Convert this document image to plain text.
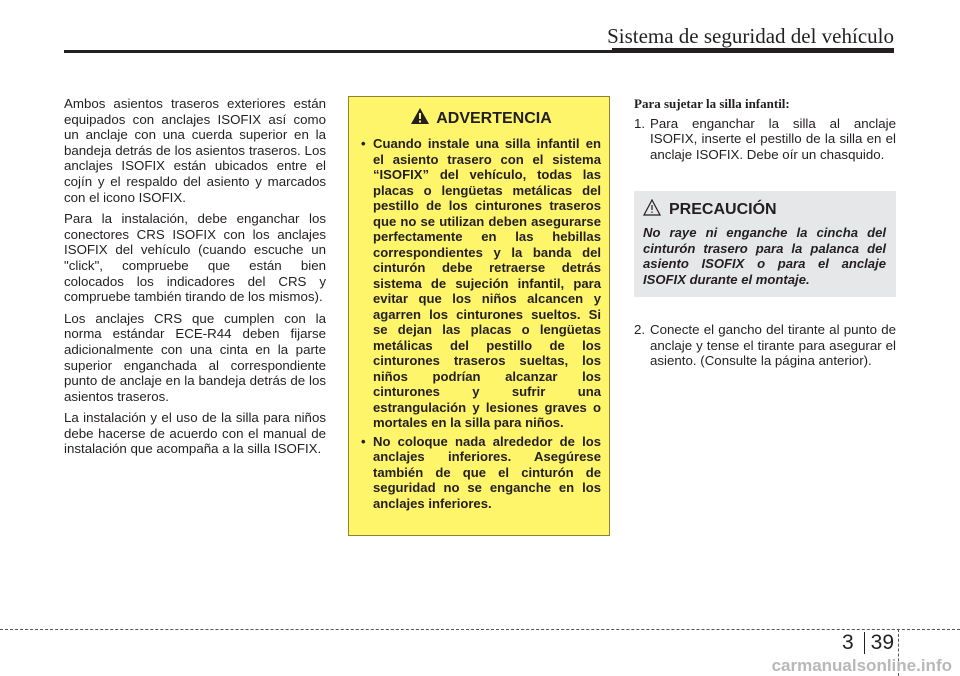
Sistema de seguridad del vehículo

Ambos asientos traseros exteriores están equipados con anclajes ISOFIX así como un anclaje con una cuerda superior en la bandeja detrás de los asientos traseros. Los anclajes ISOFIX están ubicados entre el cojín y el respaldo del asiento y marcados con el icono ISOFIX.

Para la instalación, debe enganchar los conectores CRS ISOFIX con los anclajes ISOFIX del vehículo (cuando escuche un "click", compruebe que están bien colocados los indicadores del CRS y compruebe también tirando de los mismos).

Los anclajes CRS que cumplen con la norma estándar ECE-R44 deben fijarse adicionalmente con una cinta en la parte superior enganchada al correspondiente punto de anclaje en la bandeja detrás de los asientos traseros.

La instalación y el uso de la silla para niños debe hacerse de acuerdo con el manual de instalación que acompaña a la silla ISOFIX.

ADVERTENCIA
• Cuando instale una silla infantil en el asiento trasero con el sistema “ISOFIX” del vehículo, todas las placas o lengüetas metálicas del pestillo de los cinturones traseros que no se utilizan deben asegurarse perfectamente en las hebillas correspondientes y la banda del cinturón debe retraerse detrás sistema de sujeción infantil, para evitar que los niños alcancen y agarren los cinturones sueltos. Si se dejan las placas o lengüetas metálicas del pestillo de los cinturones traseros sueltas, los niños podrían alcanzar los cinturones y sufrir una estrangulación y lesiones graves o mortales en la silla para niños.
• No coloque nada alrededor de los anclajes inferiores. Asegúrese también de que el cinturón de seguridad no se enganche en los anclajes inferiores.
Para sujetar la silla infantil:
1. Para enganchar la silla al anclaje ISOFIX, inserte el pestillo de la silla en el anclaje ISOFIX. Debe oír un chasquido.
PRECAUCIÓN
No raye ni enganche la cincha del cinturón trasero para la palanca del asiento ISOFIX o para el anclaje ISOFIX durante el montaje.
2. Conecte el gancho del tirante al punto de anclaje y tense el tirante para asegurar el asiento. (Consulte la página anterior).
3 39
carmanualsonline.info
